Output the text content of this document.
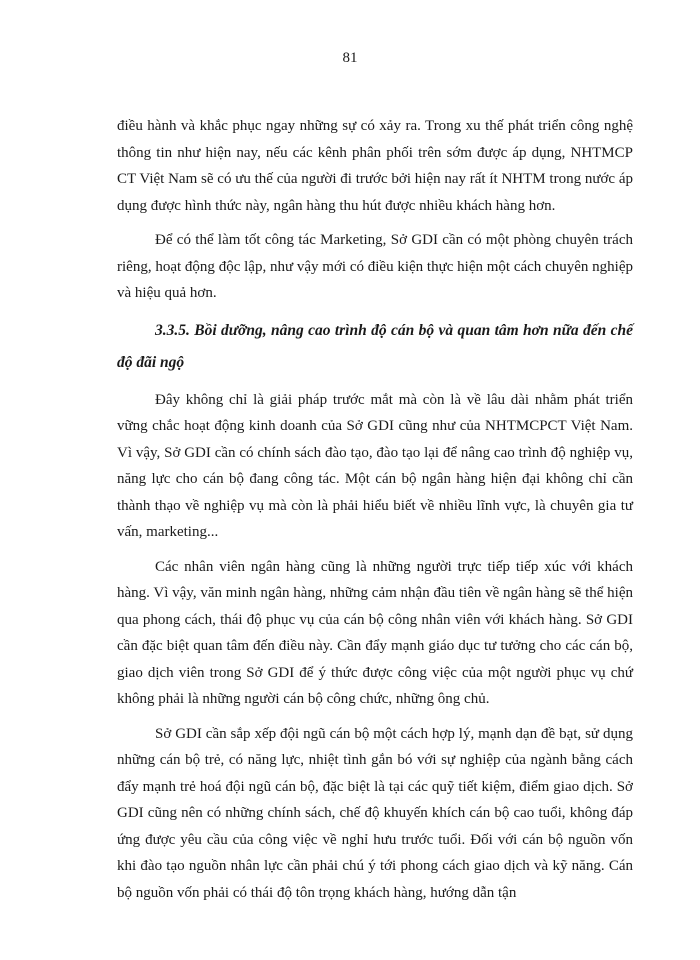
81

điều hành và khắc phục ngay những sự có xảy ra. Trong xu thế phát triển công nghệ thông tin như hiện nay, nếu các kênh phân phối trên sớm được áp dụng, NHTMCP CT Việt Nam sẽ có ưu thế của người đi trước bởi hiện nay rất ít NHTM trong nước áp dụng được hình thức này, ngân hàng thu hút được nhiều khách hàng hơn.

Để có thể làm tốt công tác Marketing, Sở GDI cần có một phòng chuyên trách riêng, hoạt động độc lập, như vậy mới có điều kiện thực hiện một cách chuyên nghiệp và hiệu quả hơn.

3.3.5. Bồi dưỡng, nâng cao trình độ cán bộ và quan tâm hơn nữa đến chế độ đãi ngộ

Đây không chỉ là giải pháp trước mắt mà còn là về lâu dài nhằm phát triển vững chắc hoạt động kinh doanh của Sở GDI cũng như của NHTMCPCT Việt Nam. Vì vậy, Sở GDI cần có chính sách đào tạo, đào tạo lại để nâng cao trình độ nghiệp vụ, năng lực cho cán bộ đang công tác. Một cán bộ ngân hàng hiện đại không chỉ cần thành thạo về nghiệp vụ mà còn là phải hiểu biết về nhiều lĩnh vực, là chuyên gia tư vấn, marketing...

Các nhân viên ngân hàng cũng là những người trực tiếp tiếp xúc với khách hàng. Vì vậy, văn minh ngân hàng, những cảm nhận đầu tiên về ngân hàng sẽ thể hiện qua phong cách, thái độ phục vụ của cán bộ công nhân viên với khách hàng. Sở GDI cần đặc biệt quan tâm đến điều này. Cần đẩy mạnh giáo dục tư tưởng cho các cán bộ, giao dịch viên trong Sở GDI để ý thức được công việc của một người phục vụ chứ không phải là những người cán bộ công chức, những ông chủ.

Sở GDI cần sắp xếp đội ngũ cán bộ một cách hợp lý, mạnh dạn đề bạt, sử dụng những cán bộ trẻ, có năng lực, nhiệt tình gắn bó với sự nghiệp của ngành bằng cách đẩy mạnh trẻ hoá đội ngũ cán bộ, đặc biệt là tại các quỹ tiết kiệm, điểm giao dịch. Sở GDI cũng nên có những chính sách, chế độ khuyến khích cán bộ cao tuổi, không đáp ứng được yêu cầu của công việc về nghỉ hưu trước tuổi. Đối với cán bộ nguồn vốn khi đào tạo nguồn nhân lực cần phải chú ý tới phong cách giao dịch và kỹ năng. Cán bộ nguồn vốn phải có thái độ tôn trọng khách hàng, hướng dẫn tận
